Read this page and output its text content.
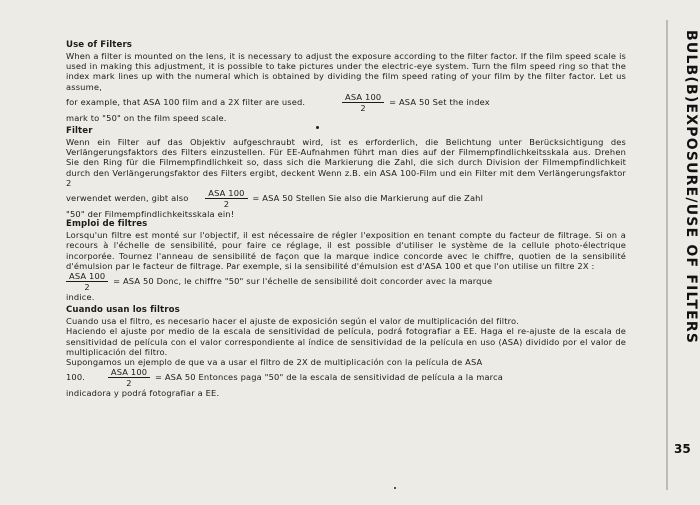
Use of Filters

When a filter is mounted on the lens, it is necessary to adjust the exposure according to the filter factor. If the film speed scale is used in making this adjustment, it is possible to take pictures under the electric-eye system. Turn the film speed ring so that the index mark lines up with the numeral which is obtained by dividing the film speed rating of your film by the filter factor. Let us assume,

for example, that ASA 100 film and a 2X filter are used.	$\frac{\text{ASA 100}}{2}$ = ASA 50 Set the index

mark to "50" on the film speed scale.

Filter

Wenn ein Filter auf das Objektiv aufgeschraubt wird, ist es erforderlich, die Belichtung unter Berücksichtigung des Verlängerungsfaktors des Filters einzustellen. Für EE-Aufnahmen führt man dies auf der Filmempfindlichkeitsskala aus. Drehen Sie den Ring für die Filmempfindlichkeit so, dass sich die Markierung die Zahl, die sich durch Division der Filmempfindlichkeit durch den Verlängerungsfaktor des Filters ergibt, deckent Wenn z.B. ein ASA 100-Film und ein Filter mit dem Verlängerungsfaktor 2

verwendet werden, gibt also $\frac{\text{ASA 100}}{2}$ = ASA 50 Stellen Sie also die Markierung auf die Zahl

"50" der Filmempfindlichkeitsskala ein!

Emploi de filtres

Lorsqu'un filtre est monté sur l'objectif, il est nécessaire de régler l'exposition en tenant compte du facteur de filtrage. Si on a recours à l'échelle de sensibilité, pour faire ce réglage, il est possible d'utiliser le système de la cellule photo-électrique incorporée. Tournez l'anneau de sensibilité de façon que la marque indice concorde avec le chiffre, quotien de la sensibilité d'émulsion par le facteur de filtrage. Par exemple, si la sensibilité d'émulsion est d'ASA 100 et que l'on utilise un filtre 2X :

$\frac{\text{ASA 100}}{2}$ = ASA 50 Donc, le chiffre "50" sur l'échelle de sensibilité doit concorder avec la marque

indice.

Cuando usan los filtros

Cuando usa el filtro, es necesario hacer el ajuste de exposición según el valor de multiplicación del filtro.

Haciendo el ajuste por medio de la escala de sensitividad de película, podrá fotografiar a EE. Haga el re-ajuste de la escala de sensitividad de película con el valor correspondiente al índice de sensitividad de la película en uso (ASA) dividido por el valor de multiplicación del filtro.

Supongamos un ejemplo de que va a usar el filtro de 2X de multiplicación con la película de ASA

100.	$\frac{\text{ASA 100}}{2}$ = ASA 50 Entonces paga "50" de la escala de sensitividad de película a la marca

indicadora y podrá fotografiar a EE.

BULB(B)EXPOSURE/USE OF FILTERS
35
